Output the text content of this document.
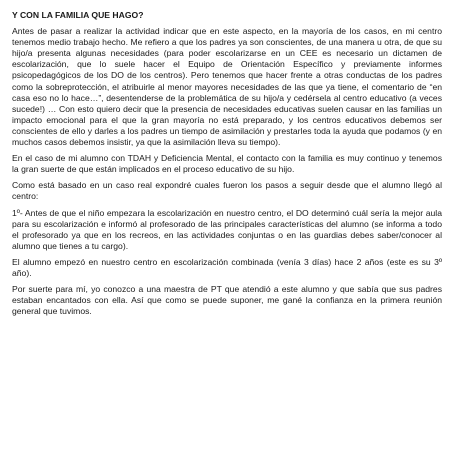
Y CON LA FAMILIA QUE HAGO?

Antes de pasar a realizar la actividad indicar que en este aspecto, en la mayoría de los casos, en mi centro tenemos medio trabajo hecho. Me refiero a que los padres ya son conscientes, de una manera u otra, de que su hijo/a presenta algunas necesidades (para poder escolarizarse en un CEE es necesario un dictamen de escolarización, que lo suele hacer el Equipo de Orientación Específico y previamente informes psicopedagógicos de los DO de los centros). Pero tenemos que hacer frente a otras conductas de los padres como la sobreprotección, el atribuirle al menor mayores necesidades de las que ya tiene, el comentario de “en casa eso no lo hace…”, desentenderse de la problemática de su hijo/a y cedérsela al centro educativo (a veces sucede!) … Con esto quiero decir que la presencia de necesidades educativas suelen causar en las familias un impacto emocional para el que la gran mayoría no está preparado, y los centros educativos debemos ser conscientes de ello y darles a los padres un tiempo de asimilación y prestarles toda la ayuda que podamos (y en muchos casos debemos insistir, ya que la asimilación lleva su tiempo).

En el caso de mi alumno con TDAH y Deficiencia Mental, el contacto con la familia es muy continuo y tenemos la gran suerte de que están implicados en el proceso educativo de su hijo.

Como está basado en un caso real expondré cuales fueron los pasos a seguir desde que el alumno llegó al centro:

1º- Antes de que el niño empezara la escolarización en nuestro centro, el DO determinó cuál sería la mejor aula para su escolarización e informó al profesorado de las principales características del alumno (se informa a todo el profesorado ya que en los recreos, en las actividades conjuntas o en las guardias debes saber/conocer al alumno que tienes a tu cargo).

El alumno empezó en nuestro centro en escolarización combinada (venía 3 días) hace 2 años (este es su 3º año).

Por suerte para mí, yo conozco a una maestra de PT que atendió a este alumno y que sabía que sus padres estaban encantados con ella. Así que como se puede suponer, me gané la confianza en la primera reunión general que tuvimos.
